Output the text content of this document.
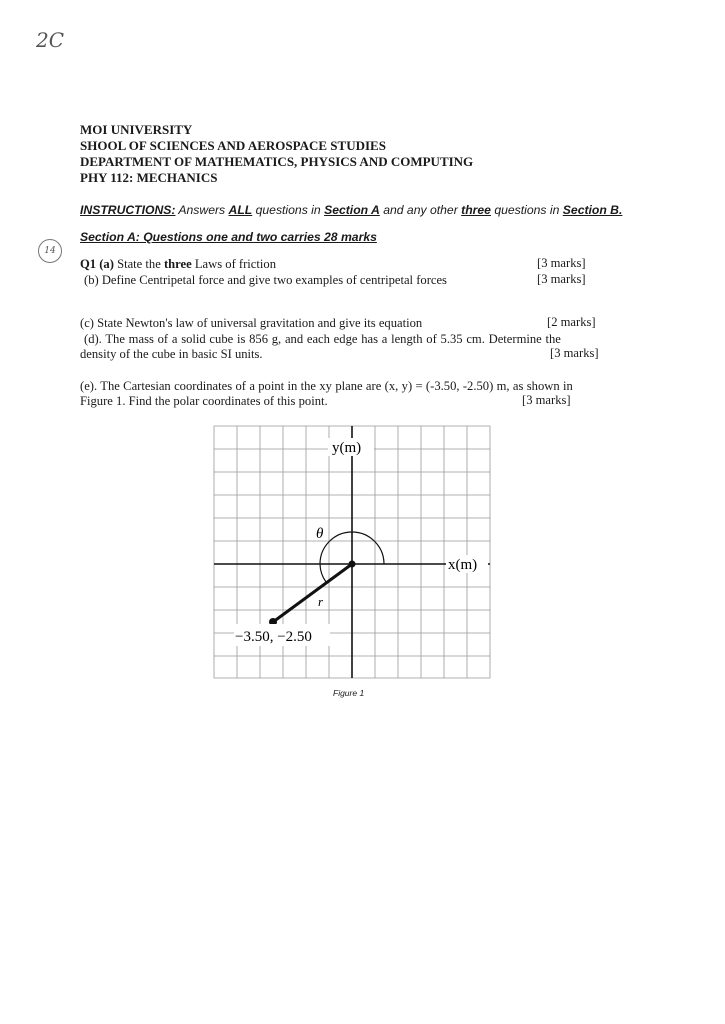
2C
14
MOI UNIVERSITY
SHOOL OF SCIENCES AND AEROSPACE STUDIES
DEPARTMENT OF MATHEMATICS, PHYSICS AND COMPUTING
PHY 112: MECHANICS
INSTRUCTIONS: Answers ALL questions in Section A and any other three questions in Section B.
Section A: Questions one and two carries 28 marks
Q1 (a) State the three Laws of friction	[3 marks]
(b) Define Centripetal force and give two examples of centripetal forces	[3 marks]
(c) State Newton's law of universal gravitation and give its equation	[2 marks]
(d). The mass of a solid cube is 856 g, and each edge has a length of 5.35 cm. Determine the
density of the cube in basic SI units.	[3 marks]
(e). The Cartesian coordinates of a point in the xy plane are (x, y) = (-3.50, -2.50) m, as shown in
Figure 1. Find the polar coordinates of this point.	[3 marks]
y(m)
x(m)
θ
r
−3.50, −2.50
Figure 1
